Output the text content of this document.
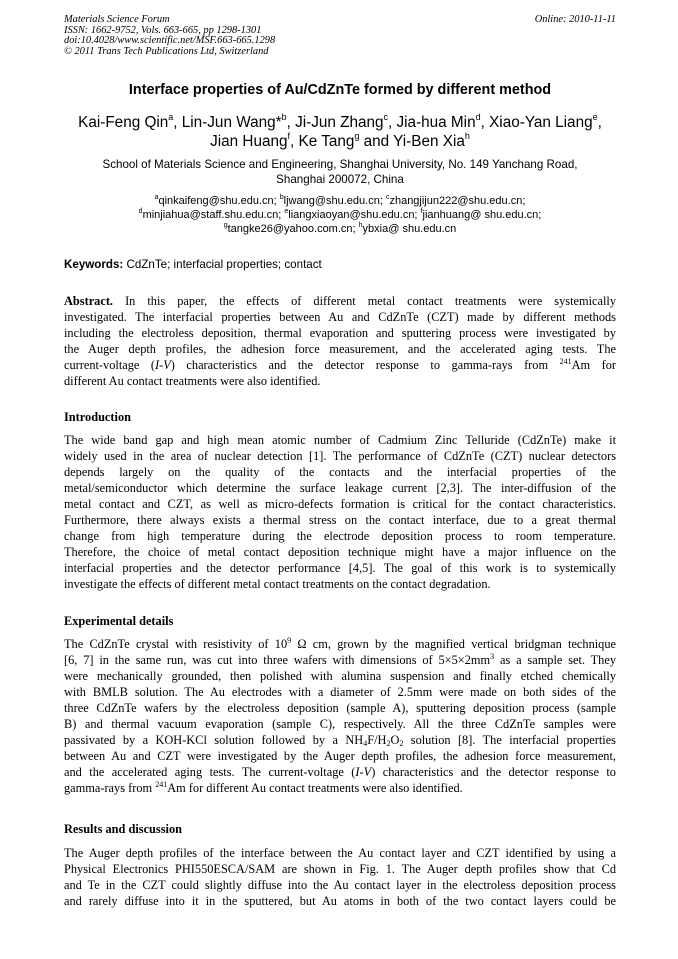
Materials Science Forum
ISSN: 1662-9752, Vols. 663-665, pp 1298-1301
doi:10.4028/www.scientific.net/MSF.663-665.1298
© 2011 Trans Tech Publications Ltd, Switzerland
Online: 2010-11-11
Interface properties of Au/CdZnTe formed by different method
Kai-Feng Qin$^a$, Lin-Jun Wang*$^b$, Ji-Jun Zhang$^c$, Jia-hua Min$^d$, Xiao-Yan Liang$^e$,
Jian Huang$^f$, Ke Tang$^g$ and Yi-Ben Xia$^h$
School of Materials Science and Engineering, Shanghai University, No. 149 Yanchang Road,
Shanghai 200072, China
$^a$qinkaifeng@shu.edu.cn; $^b$ljwang@shu.edu.cn; $^c$zhangjijun222@shu.edu.cn;
$^d$minjiahua@staff.shu.edu.cn; $^e$liangxiaoyan@shu.edu.cn; $^f$jianhuang@ shu.edu.cn;
$^g$tangke26@yahoo.com.cn; $^h$ybxia@ shu.edu.cn
Keywords: CdZnTe; interfacial properties; contact
Abstract. In this paper, the effects of different metal contact treatments were systemically
investigated. The interfacial properties between Au and CdZnTe (CZT) made by different methods
including the electroless deposition, thermal evaporation and sputtering process were investigated by
the Auger depth profiles, the adhesion force measurement, and the accelerated aging tests. The
current-voltage (I-V) characteristics and the detector response to gamma-rays from $^{241}$Am for
different Au contact treatments were also identified.
Introduction
The wide band gap and high mean atomic number of Cadmium Zinc Telluride (CdZnTe) make it
widely used in the area of nuclear detection [1]. The performance of CdZnTe (CZT) nuclear detectors
depends largely on the quality of the contacts and the interfacial properties of the
metal/semiconductor which determine the surface leakage current [2,3]. The inter-diffusion of the
metal contact and CZT, as well as micro-defects formation is critical for the contact characteristics.
Furthermore, there always exists a thermal stress on the contact interface, due to a great thermal
change from high temperature during the electrode deposition process to room temperature.
Therefore, the choice of metal contact deposition technique might have a major influence on the
interfacial properties and the detector performance [4,5]. The goal of this work is to systemically
investigate the effects of different metal contact treatments on the contact degradation.
Experimental details
The CdZnTe crystal with resistivity of $10^9$ Ω cm, grown by the magnified vertical bridgman technique
[6, 7] in the same run, was cut into three wafers with dimensions of $5\times 5\times 2mm^3$ as a sample set. They
were mechanically grounded, then polished with alumina suspension and finally etched chemically
with BMLB solution. The Au electrodes with a diameter of 2.5mm were made on both sides of the
three CdZnTe wafers by the electroless deposition (sample A), sputtering deposition process (sample
B) and thermal vacuum evaporation (sample C), respectively. All the three CdZnTe samples were
passivated by a KOH-KCl solution followed by a $NH_4F/H_2O_2$ solution [8]. The interfacial properties
between Au and CZT were investigated by the Auger depth profiles, the adhesion force measurement,
and the accelerated aging tests. The current-voltage (I-V) characteristics and the detector response to
gamma-rays from $^{241}$Am for different Au contact treatments were also identified.
Results and discussion
The Auger depth profiles of the interface between the Au contact layer and CZT identified by using a
Physical Electronics PHI550ESCA/SAM are shown in Fig. 1. The Auger depth profiles show that Cd
and Te in the CZT could slightly diffuse into the Au contact layer in the electroless deposition process
and rarely diffuse into it in the sputtered, but Au atoms in both of the two contact layers could be
